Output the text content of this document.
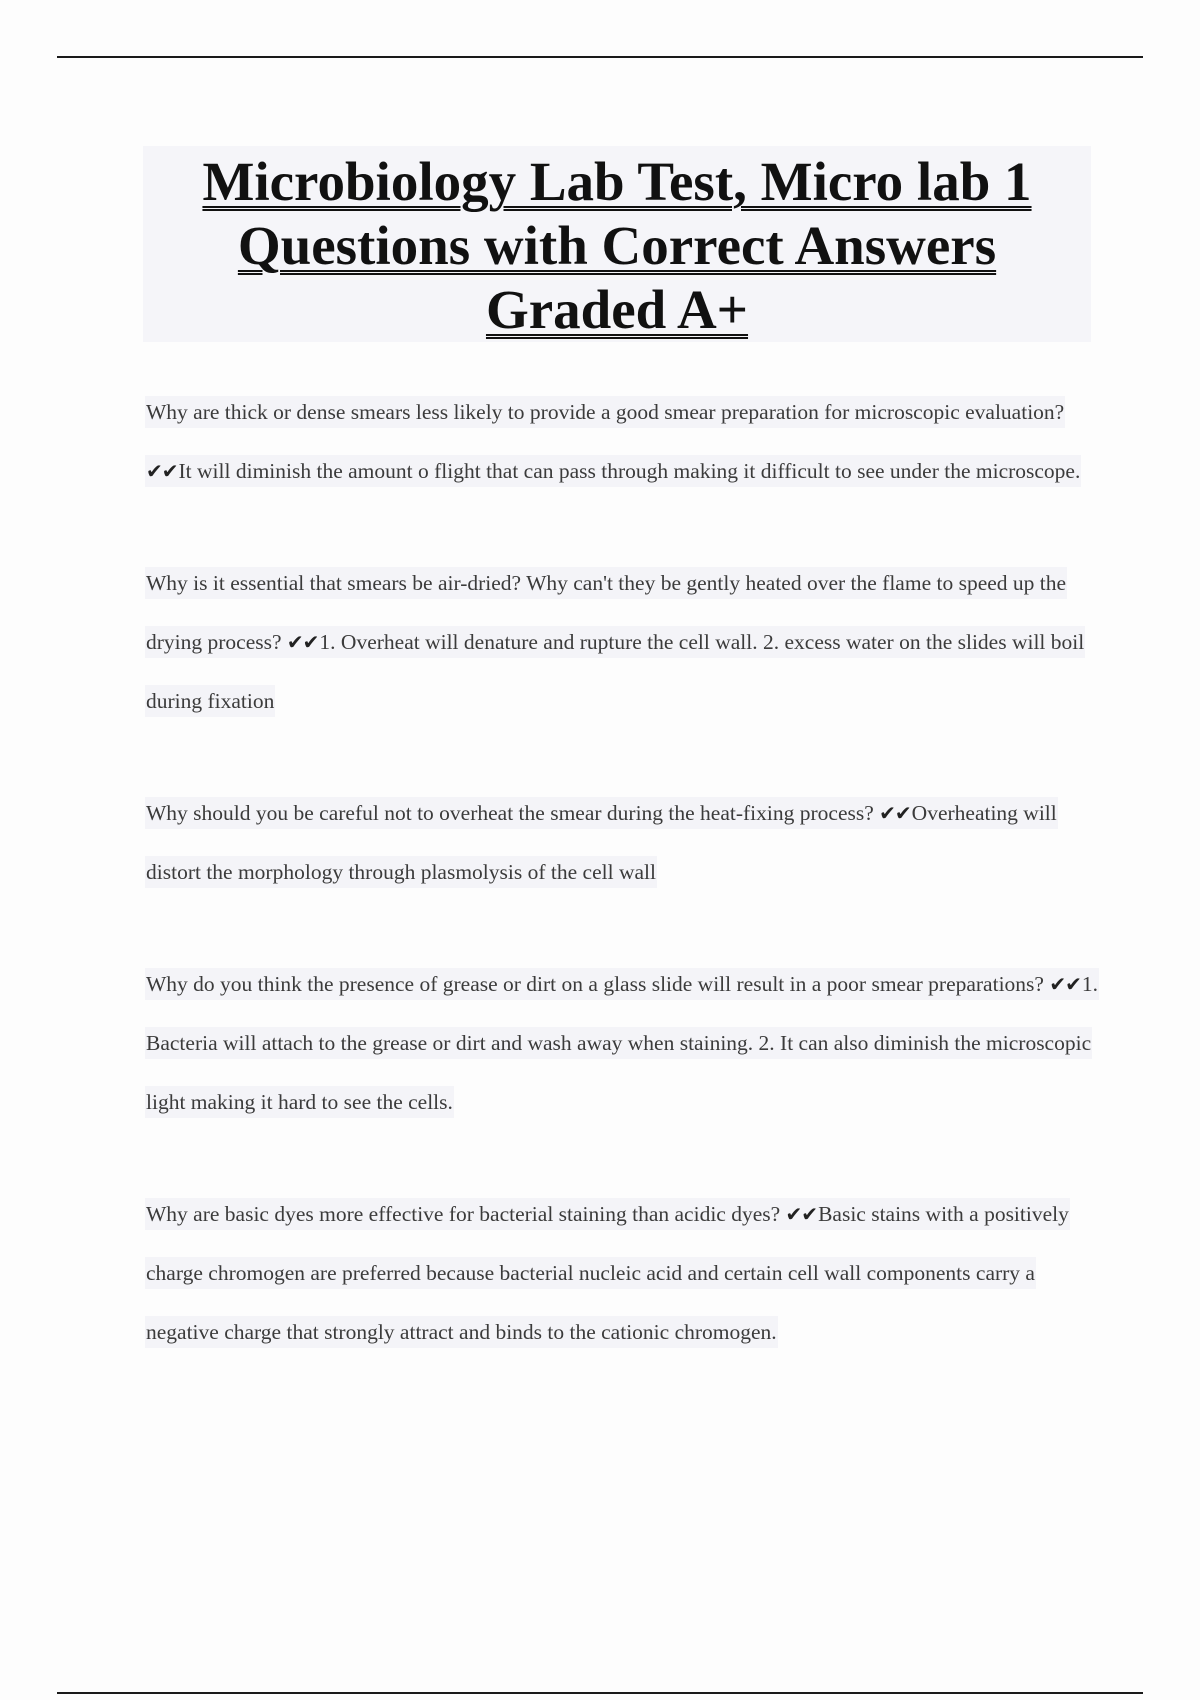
Microbiology Lab Test, Micro lab 1
Questions with Correct Answers
Graded A+

Why are thick or dense smears less likely to provide a good smear preparation for microscopic evaluation? ✔✔It will diminish the amount o flight that can pass through making it difficult to see under the microscope.

Why is it essential that smears be air-dried? Why can't they be gently heated over the flame to speed up the drying process? ✔✔1. Overheat will denature and rupture the cell wall. 2. excess water on the slides will boil during fixation

Why should you be careful not to overheat the smear during the heat-fixing process? ✔✔Overheating will distort the morphology through plasmolysis of the cell wall

Why do you think the presence of grease or dirt on a glass slide will result in a poor smear preparations? ✔✔1. Bacteria will attach to the grease or dirt and wash away when staining. 2. It can also diminish the microscopic light making it hard to see the cells.

Why are basic dyes more effective for bacterial staining than acidic dyes? ✔✔Basic stains with a positively charge chromogen are preferred because bacterial nucleic acid and certain cell wall components carry a negative charge that strongly attract and binds to the cationic chromogen.
